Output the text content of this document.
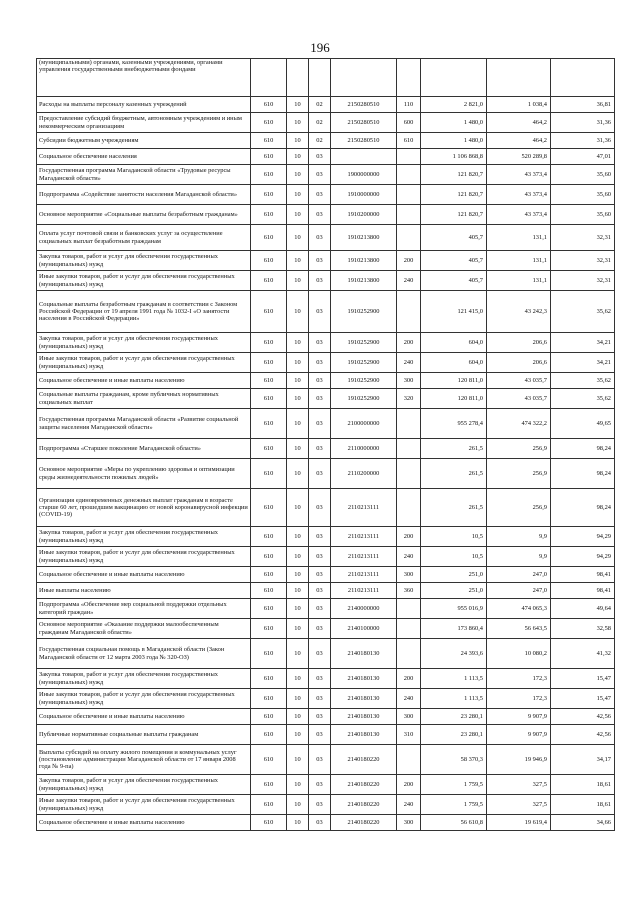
196
(муниципальными) органами, казенными учреждениями, органами управления государственными внебюджетными фондами								
Расходы на выплаты персоналу казенных учреждений	610	10	02	2150280510	110	2 821,0	1 038,4	36,81
Предоставление субсидий бюджетным, автономным учреждениям и иным некоммерческим организациям	610	10	02	2150280510	600	1 480,0	464,2	31,36
Субсидии бюджетным учреждениям	610	10	02	2150280510	610	1 480,0	464,2	31,36
Социальное обеспечение населения	610	10	03			1 106 868,8	520 289,8	47,01
Государственная программа Магаданской области «Трудовые ресурсы Магаданской области»	610	10	03	1900000000		121 820,7	43 373,4	35,60
Подпрограмма «Содействие занятости населения Магаданской области»	610	10	03	1910000000		121 820,7	43 373,4	35,60
Основное мероприятие «Социальные выплаты безработным гражданам»	610	10	03	1910200000		121 820,7	43 373,4	35,60
Оплата услуг почтовой связи и банковских услуг за осуществление социальных выплат безработным гражданам	610	10	03	1910213800		405,7	131,1	32,31
Закупка товаров, работ и услуг для обеспечения государственных (муниципальных) нужд	610	10	03	1910213800	200	405,7	131,1	32,31
Иные закупки товаров, работ и услуг для обеспечения государственных (муниципальных) нужд	610	10	03	1910213800	240	405,7	131,1	32,31
Социальные выплаты безработным гражданам в соответствии с Законом Российской Федерации от 19 апреля 1991 года № 1032-I «О занятости населения в Российской Федерации»	610	10	03	1910252900		121 415,0	43 242,3	35,62
Закупка товаров, работ и услуг для обеспечения государственных (муниципальных) нужд	610	10	03	1910252900	200	604,0	206,6	34,21
Иные закупки товаров, работ и услуг для обеспечения государственных (муниципальных) нужд	610	10	03	1910252900	240	604,0	206,6	34,21
Социальное обеспечение и иные выплаты населению	610	10	03	1910252900	300	120 811,0	43 035,7	35,62
Социальные выплаты гражданам, кроме публичных нормативных социальных выплат	610	10	03	1910252900	320	120 811,0	43 035,7	35,62
Государственная программа Магаданской области «Развитие социальной защиты населения Магаданской области»	610	10	03	2100000000		955 278,4	474 322,2	49,65
Подпрограмма «Старшее поколение Магаданской области»	610	10	03	2110000000		261,5	256,9	98,24
Основное мероприятие «Меры по укреплению здоровья и оптимизации среды жизнедеятельности пожилых людей»	610	10	03	2110200000		261,5	256,9	98,24
Организация единовременных денежных выплат гражданам в возрасте старше 60 лет, прошедшим вакцинацию от новой коронавирусной инфекции (COVID-19)	610	10	03	2110213111		261,5	256,9	98,24
Закупка товаров, работ и услуг для обеспечения государственных (муниципальных) нужд	610	10	03	2110213111	200	10,5	9,9	94,29
Иные закупки товаров, работ и услуг для обеспечения государственных (муниципальных) нужд	610	10	03	2110213111	240	10,5	9,9	94,29
Социальное обеспечение и иные выплаты населению	610	10	03	2110213111	300	251,0	247,0	98,41
Иные выплаты населению	610	10	03	2110213111	360	251,0	247,0	98,41
Подпрограмма «Обеспечение мер социальной поддержки отдельных категорий граждан»	610	10	03	2140000000		955 016,9	474 065,3	49,64
Основное мероприятие «Оказание поддержки малообеспеченным гражданам Магаданской области»	610	10	03	2140100000		173 860,4	56 643,5	32,58
Государственная социальная помощь в Магаданской области (Закон Магаданской области от 12 марта 2003 года № 320-ОЗ)	610	10	03	2140180130		24 393,6	10 080,2	41,32
Закупка товаров, работ и услуг для обеспечения государственных (муниципальных) нужд	610	10	03	2140180130	200	1 113,5	172,3	15,47
Иные закупки товаров, работ и услуг для обеспечения государственных (муниципальных) нужд	610	10	03	2140180130	240	1 113,5	172,3	15,47
Социальное обеспечение и иные выплаты населению	610	10	03	2140180130	300	23 280,1	9 907,9	42,56
Публичные нормативные социальные выплаты гражданам	610	10	03	2140180130	310	23 280,1	9 907,9	42,56
Выплаты субсидий на оплату жилого помещения и коммунальных услуг (постановление администрации Магаданской области от 17 января 2008 года № 9-па)	610	10	03	2140180220		58 370,3	19 946,9	34,17
Закупка товаров, работ и услуг для обеспечения государственных (муниципальных) нужд	610	10	03	2140180220	200	1 759,5	327,5	18,61
Иные закупки товаров, работ и услуг для обеспечения государственных (муниципальных) нужд	610	10	03	2140180220	240	1 759,5	327,5	18,61
Социальное обеспечение и иные выплаты населению	610	10	03	2140180220	300	56 610,8	19 619,4	34,66
